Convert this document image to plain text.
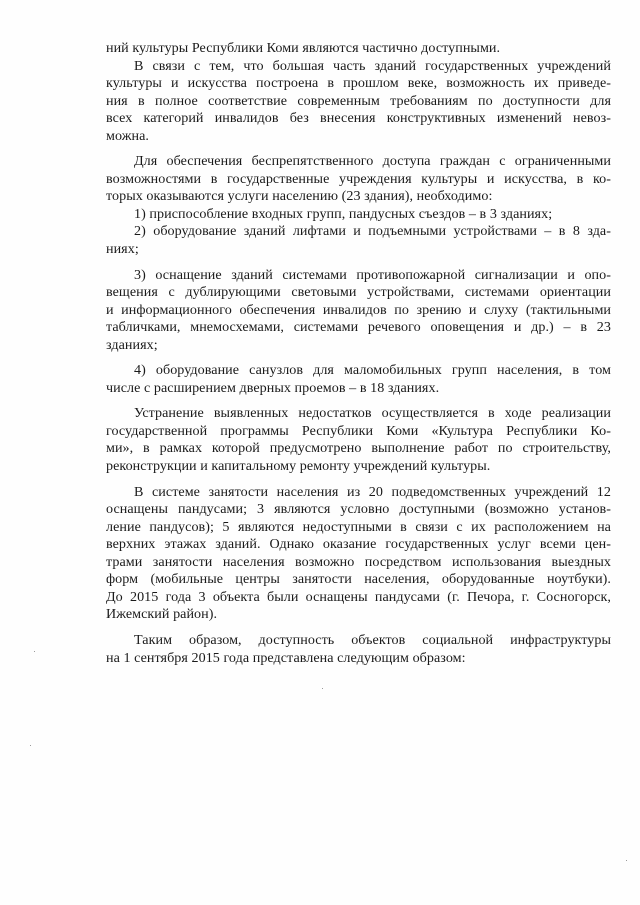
ний культуры Республики Коми являются частично доступными.
В связи с тем, что большая часть зданий государственных учреждений
культуры и искусства построена в прошлом веке, возможность их приведе-
ния в полное соответствие современным требованиям по доступности для
всех категорий инвалидов без внесения конструктивных изменений невоз-
можна.
Для обеспечения беспрепятственного доступа граждан с ограниченными
возможностями в государственные учреждения культуры и искусства, в ко-
торых оказываются услуги населению (23 здания), необходимо:
1) приспособление входных групп, пандусных съездов – в 3 зданиях;
2) оборудование зданий лифтами и подъемными устройствами – в 8 зда-
ниях;
3) оснащение зданий системами противопожарной сигнализации и опо-
вещения с дублирующими световыми устройствами, системами ориентации
и информационного обеспечения инвалидов по зрению и слуху (тактильными
табличками, мнемосхемами, системами речевого оповещения и др.) – в 23
зданиях;
4) оборудование санузлов для маломобильных групп населения, в том
числе с расширением дверных проемов – в 18 зданиях.
Устранение выявленных недостатков осуществляется в ходе реализации
государственной программы Республики Коми «Культура Республики Ко-
ми», в рамках которой предусмотрено выполнение работ по строительству,
реконструкции и капитальному ремонту учреждений культуры.
В системе занятости населения из 20 подведомственных учреждений 12
оснащены пандусами; 3 являются условно доступными (возможно установ-
ление пандусов); 5 являются недоступными в связи с их расположением на
верхних этажах зданий. Однако оказание государственных услуг всеми цен-
трами занятости населения возможно посредством использования выездных
форм (мобильные центры занятости населения, оборудованные ноутбуки).
До 2015 года 3 объекта были оснащены пандусами (г. Печора, г. Сосногорск,
Ижемский район).
Таким образом, доступность объектов социальной инфраструктуры
на 1 сентября 2015 года представлена следующим образом:
